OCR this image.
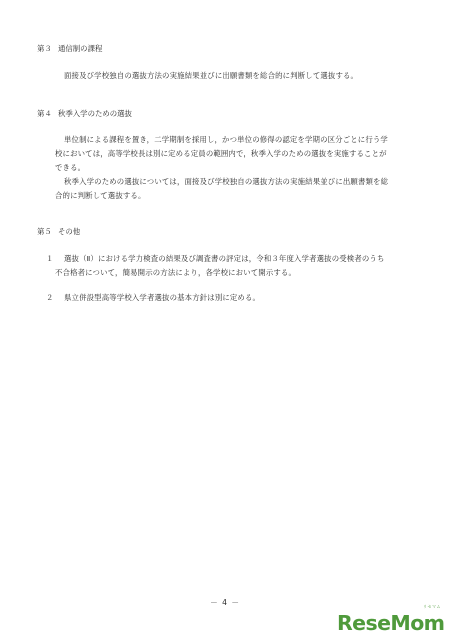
第３ 通信制の課程
面接及び学校独自の選抜方法の実施結果並びに出願書類を総合的に判断して選抜する。
第４ 秋季入学のための選抜
単位制による課程を置き，二学期制を採用し，かつ単位の修得の認定を学期の区分ごとに行う学
校においては，高等学校長は別に定める定員の範囲内で，秋季入学のための選抜を実施することが
できる。
秋季入学のための選抜については，面接及び学校独自の選抜方法の実施結果並びに出願書類を総
合的に判断して選抜する。
第５ その他
１ 選抜（Ⅱ）における学力検査の結果及び調査書の評定は，令和３年度入学者選抜の受検者のうち
不合格者について，簡易開示の方法により，各学校において開示する。
２ 県立併設型高等学校入学者選抜の基本方針は別に定める。
－ 4 －	リセマム
ReseMom
